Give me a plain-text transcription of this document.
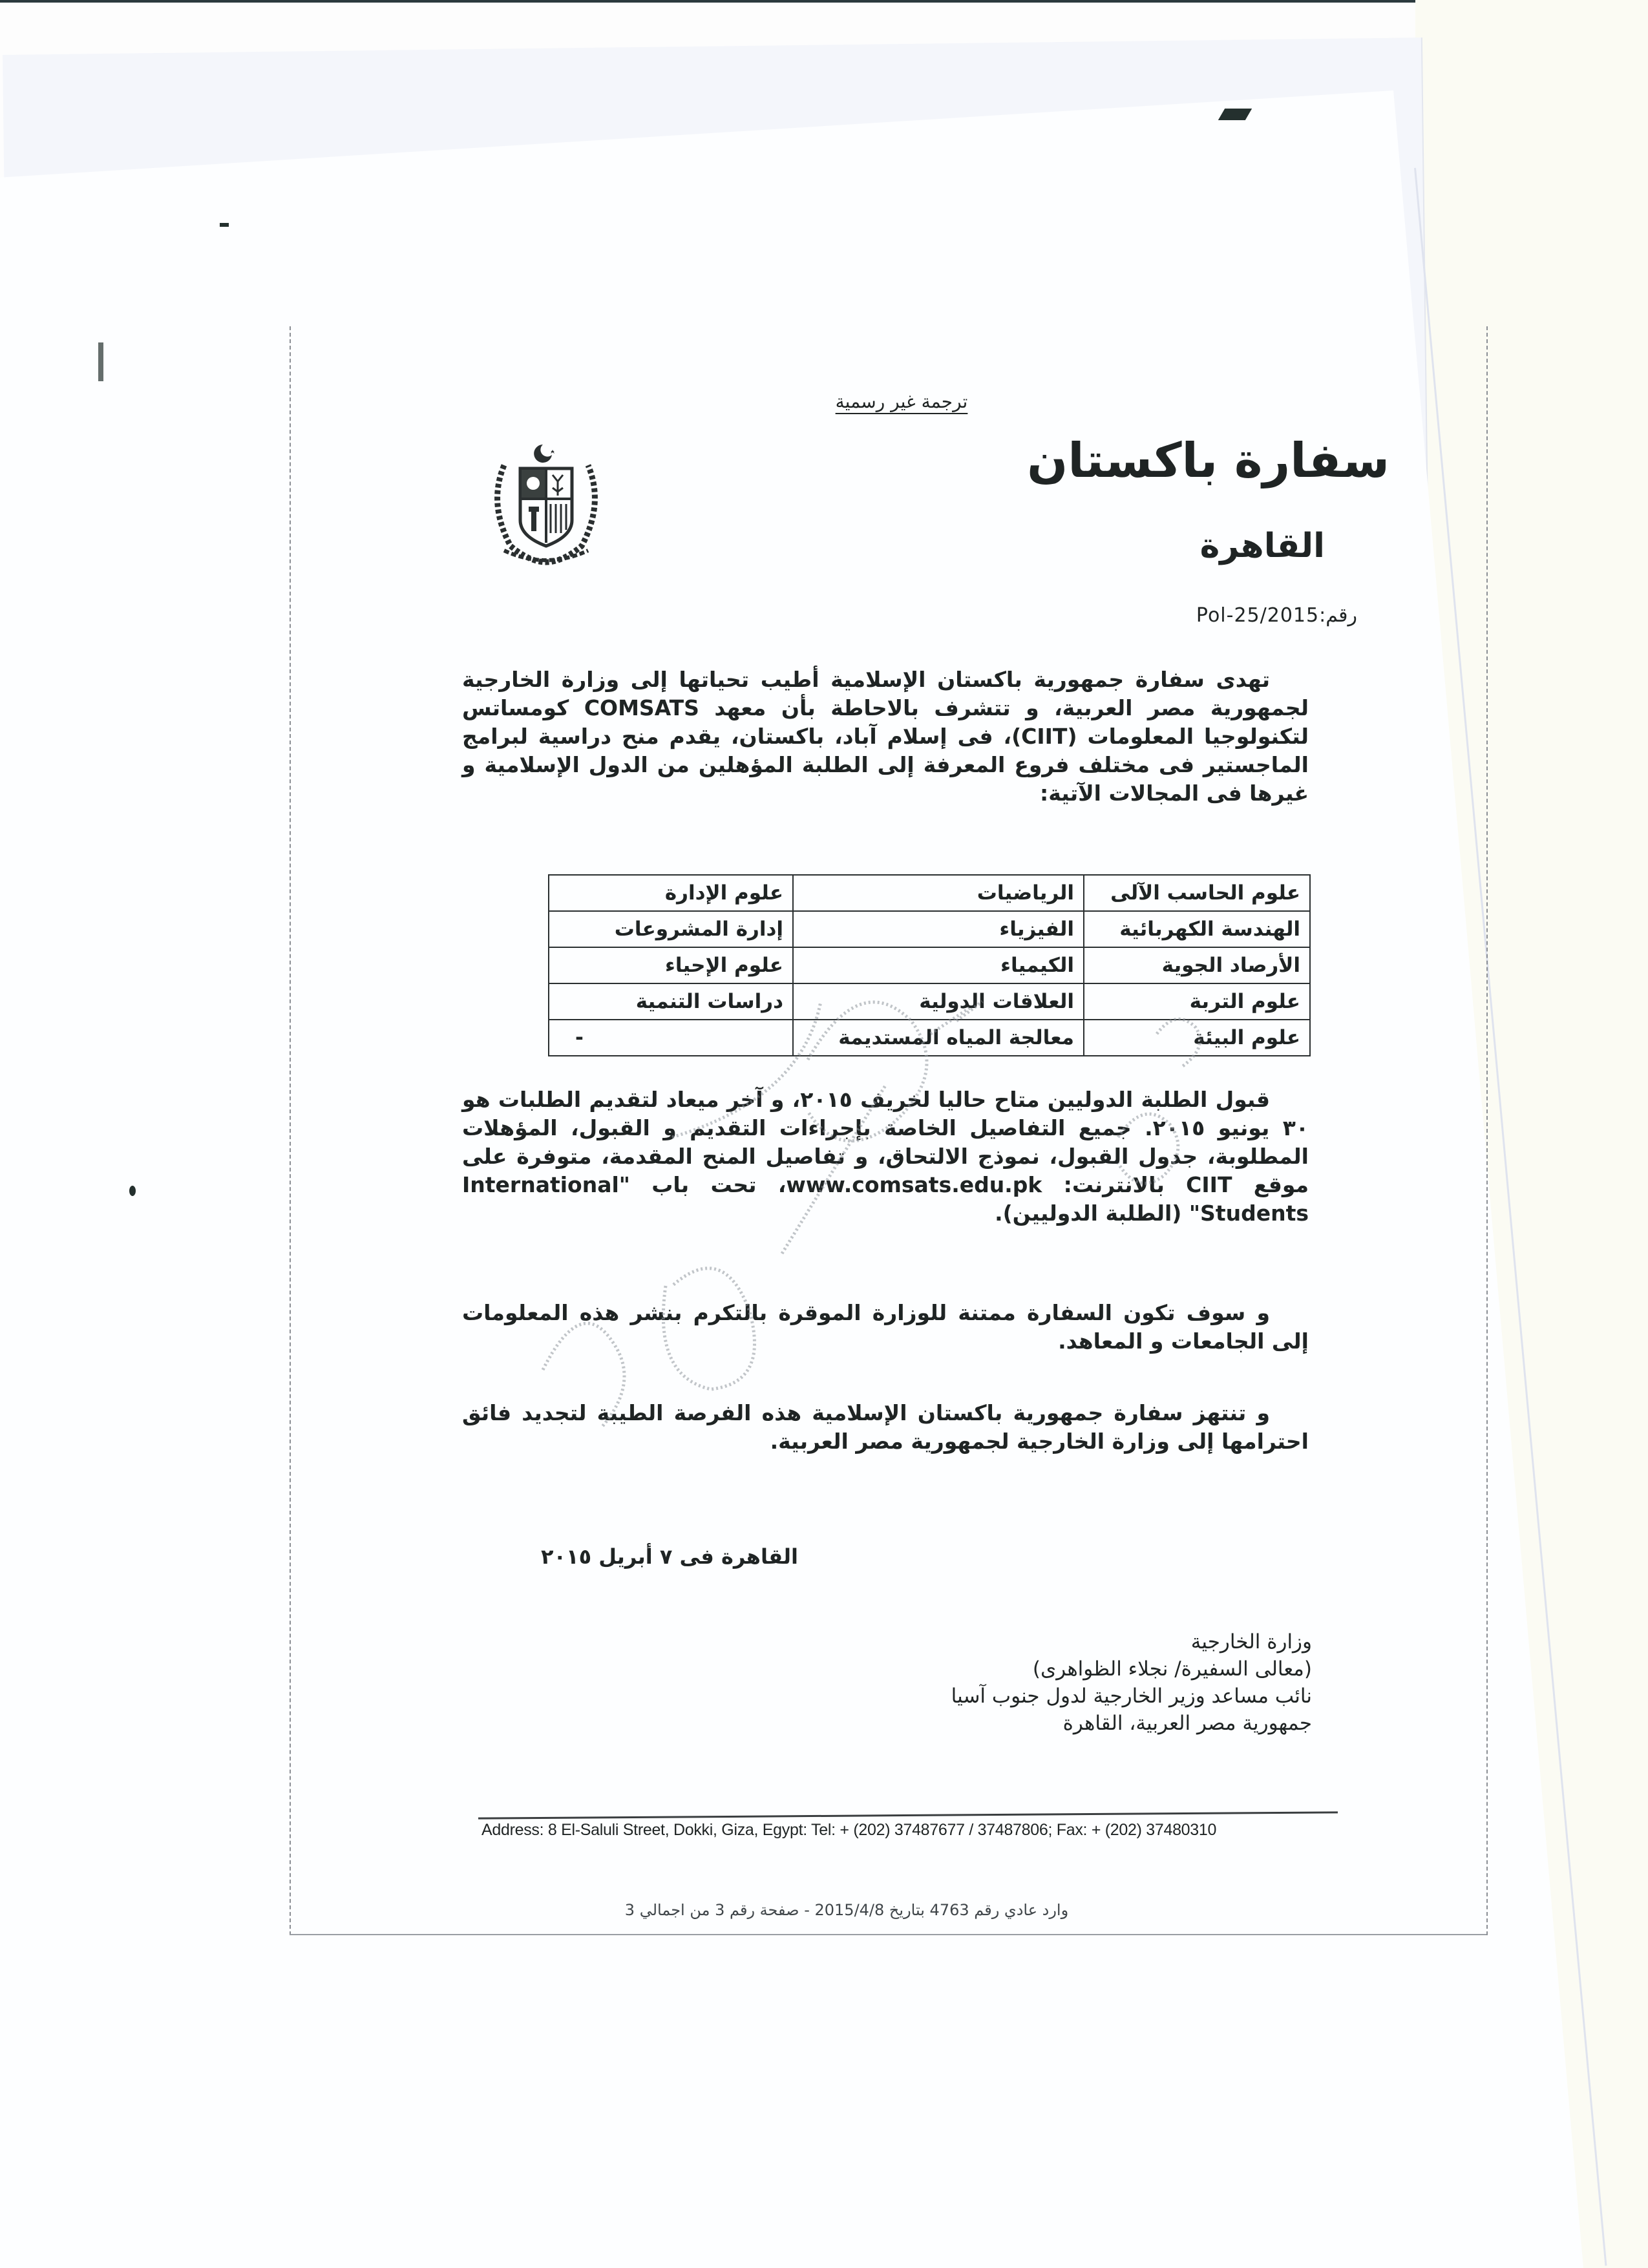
ترجمة غير رسمية
سفارة باكستان
القاهرة
رقم:Pol-25/2015
تهدى سفارة جمهورية باكستان الإسلامية أطيب تحياتها إلى وزارة الخارجية لجمهورية مصر العربية، و تتشرف بالاحاطة بأن معهد COMSATS كومساتس لتكنولوجيا المعلومات (CIIT)، فى إسلام آباد، باكستان، يقدم منح دراسية لبرامج الماجستير فى مختلف فروع المعرفة إلى الطلبة المؤهلين من الدول الإسلامية و غيرها فى المجالات الآتية:
علوم الحاسب الآلى	الرياضيات	علوم الإدارة
الهندسة الكهربائية	الفيزياء	إدارة المشروعات
الأرصاد الجوية	الكيمياء	علوم الإحياء
علوم التربة	العلاقات الدولية	دراسات التنمية
علوم البيئة	معالجة المياه المستديمة	-
قبول الطلبة الدوليين متاح حاليا لخريف ٢٠١٥، و آخر ميعاد لتقديم الطلبات هو ٣٠ يونيو ٢٠١٥. جميع التفاصيل الخاصة بإجراءات التقديم و القبول، المؤهلات المطلوبة، جدول القبول، نموذج الالتحاق، و تفاصيل المنح المقدمة، متوفرة على موقع CIIT بالانترنت: www.comsats.edu.pk، تحت باب "International Students" (الطلبة الدوليين).
و سوف تكون السفارة ممتنة للوزارة الموقرة بالتكرم بنشر هذه المعلومات إلى الجامعات و المعاهد.
و تنتهز سفارة جمهورية باكستان الإسلامية هذه الفرصة الطيبة لتجديد فائق احترامها إلى وزارة الخارجية لجمهورية مصر العربية.
القاهرة فى ٧ أبريل ٢٠١٥
وزارة الخارجية
(معالى السفيرة/ نجلاء الظواهرى)
نائب مساعد وزير الخارجية لدول جنوب آسيا
جمهورية مصر العربية، القاهرة
Address: 8 El-Saluli Street, Dokki, Giza, Egypt: Tel: + (202) 37487677 / 37487806; Fax: + (202) 37480310
وارد عادي رقم 4763 بتاريخ 2015/4/8 - صفحة رقم 3 من اجمالي 3
